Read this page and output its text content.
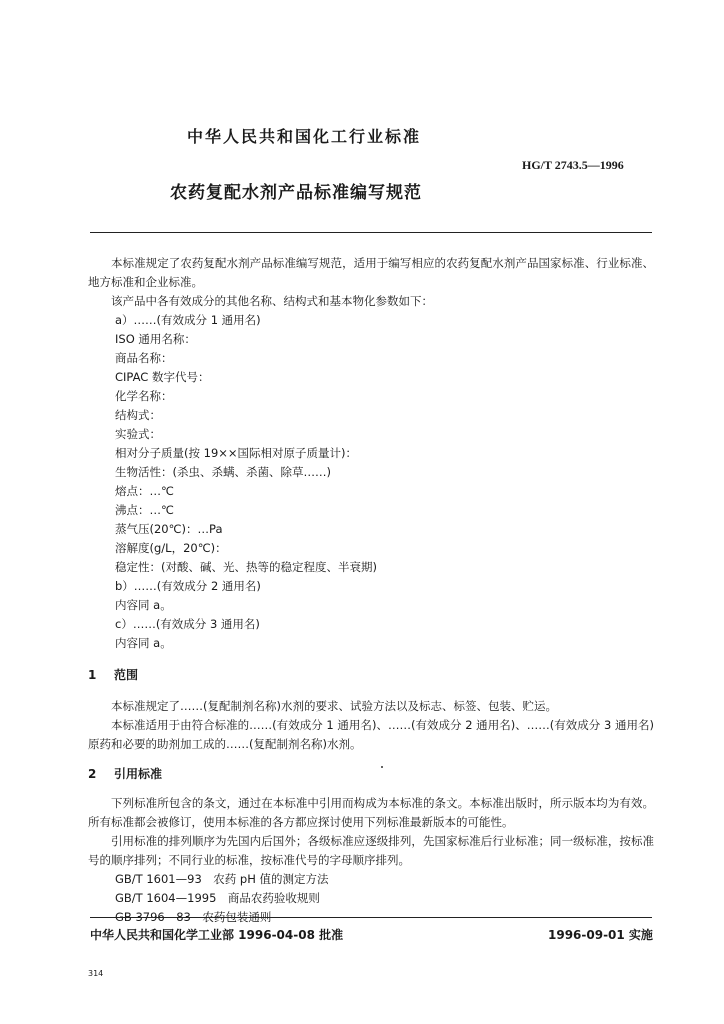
中华人民共和国化工行业标准
HG/T 2743.5—1996
农药复配水剂产品标准编写规范

本标准规定了农药复配水剂产品标准编写规范，适用于编写相应的农药复配水剂产品国家标准、行业标准、地方标准和企业标准。

该产品中各有效成分的其他名称、结构式和基本物化参数如下：

a）……(有效成分 1 通用名)
ISO 通用名称：
商品名称：
CIPAC 数字代号：
化学名称：
结构式：
实验式：
相对分子质量(按 19××国际相对原子质量计)：
生物活性：(杀虫、杀螨、杀菌、除草……)
熔点：…℃
沸点：…℃
蒸气压(20℃)：…Pa
溶解度(g/L，20℃)：
稳定性：(对酸、碱、光、热等的稳定程度、半衰期)
b）……(有效成分 2 通用名)
内容同 a。
c）……(有效成分 3 通用名)
内容同 a。
1 范围

本标准规定了……(复配制剂名称)水剂的要求、试验方法以及标志、标签、包装、贮运。

本标准适用于由符合标准的……(有效成分 1 通用名)、……(有效成分 2 通用名)、……(有效成分 3 通用名)原药和必要的助剂加工成的……(复配制剂名称)水剂。

2 引用标准

下列标准所包含的条文，通过在本标准中引用而构成为本标准的条文。本标准出版时，所示版本均为有效。所有标准都会被修订，使用本标准的各方都应探讨使用下列标准最新版本的可能性。

引用标准的排列顺序为先国内后国外；各级标准应逐级排列，先国家标准后行业标准；同一级标准，按标准号的顺序排列；不同行业的标准，按标准代号的字母顺序排列。

GB/T 1601—93　农药 pH 值的测定方法
GB/T 1604—1995　商品农药验收规则
GB 3796—83　农药包装通则
中华人民共和国化学工业部 1996-04-08 批准	1996-09-01 实施
314
